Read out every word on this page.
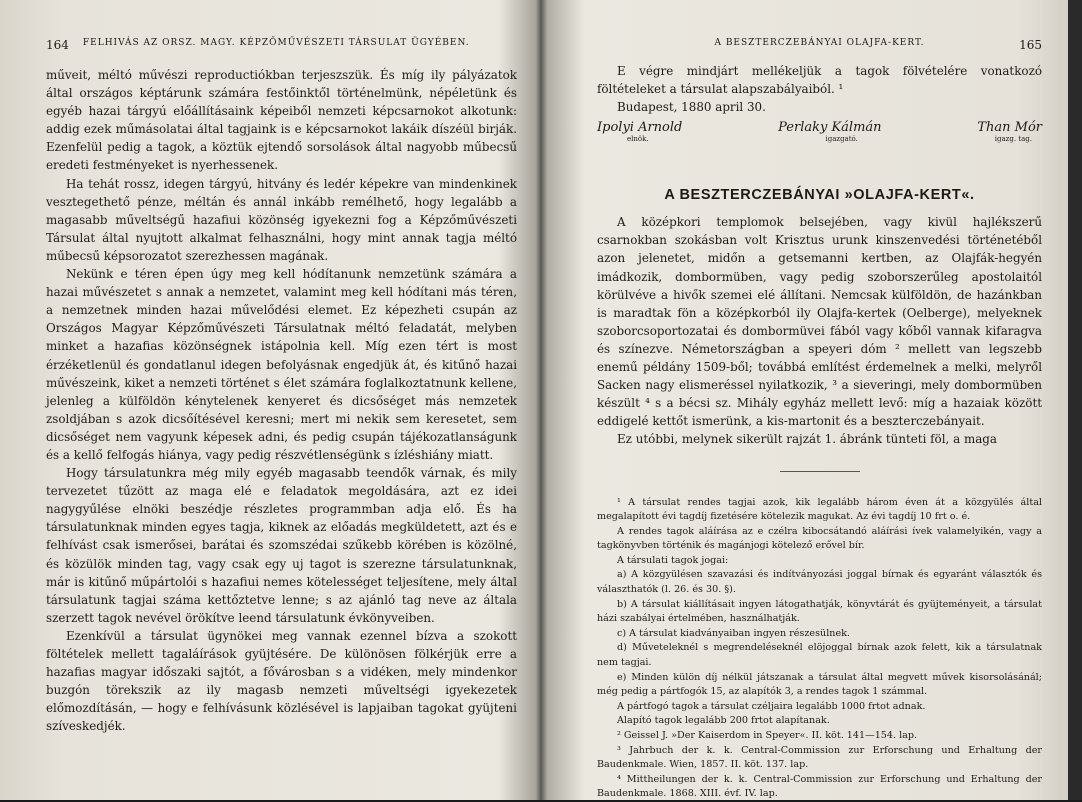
164	FELHIVÁS AZ ORSZ. MAGY. KÉPZŐMŰVÉSZETI TÁRSULAT ÜGYÉBEN.

műveit, méltó művészi reproductiókban terjeszszük. És míg ily pályázatok által országos képtárunk számára festőinktől történelmünk, népéletünk és egyéb hazai tárgyú előállításaink képeiből nemzeti képcsarnokot alkotunk: addig ezek műmásolatai által tagjaink is e képcsarnokot lakáik díszéül birják. Ezenfelül pedig a tagok, a köztük ejtendő sorsolások által nagyobb műbecsű eredeti festményeket is nyerhessenek.

Ha tehát rossz, idegen tárgyú, hitvány és ledér képekre van mindenkinek vesztegethető pénze, méltán és annál inkább remélhető, hogy legalább a magasabb műveltségű hazafiui közönség igyekezni fog a Képzőművészeti Társulat által nyujtott alkalmat felhasználni, hogy mint annak tagja méltó műbecsű képsorozatot szerezhessen magának.

Nekünk e téren épen úgy meg kell hódítanunk nemzetünk számára a hazai művészetet s annak a nemzetet, valamint meg kell hódítani más téren, a nemzetnek minden hazai művelődési elemet. Ez képezheti csupán az Országos Magyar Képzőművészeti Társulatnak méltó feladatát, melyben minket a hazafias közönségnek istápolnia kell. Míg ezen tért is most érzéketlenül és gondatlanul idegen befolyásnak engedjük át, és kitűnő hazai művészeink, kiket a nemzeti történet s élet számára foglalkoztatnunk kellene, jelenleg a külföldön kénytelenek kenyeret és dicsőséget más nemzetek zsoldjában s azok dicsőítésével keresni; mert mi nekik sem keresetet, sem dicsőséget nem vagyunk képesek adni, és pedig csupán tájékozatlanságunk és a kellő felfogás hiánya, vagy pedig részvétlenségünk s ízléshiány miatt.

Hogy társulatunkra még mily egyéb magasabb teendők várnak, és mily tervezetet tűzött az maga elé e feladatok megoldására, azt ez idei nagygyűlése elnöki beszédje részletes programmban adja elő. És ha társulatunknak minden egyes tagja, kiknek az előadás megküldetett, azt és e felhívást csak ismerősei, barátai és szomszédai szűkebb körében is közölné, és közülök minden tag, vagy csak egy uj tagot is szerezne társulatunknak, már is kitűnő műpártolói s hazafiui nemes kötelességet teljesítene, mely által társulatunk tagjai száma kettőztetve lenne; s az ajánló tag neve az általa szerzett tagok nevével örökítve leend társulatunk évkönyveiben.

Ezenkívül a társulat ügynökei meg vannak ezennel bízva a szokott föltételek mellett tagaláírások gyüjtésére. De különösen fölkérjük erre a hazafias magyar időszaki sajtót, a fővárosban s a vidéken, mely mindenkor buzgón törekszik az ily magasb nemzeti műveltségi igyekezetek előmozdításán, — hogy e felhívásunk közlésével is lapjaiban tagokat gyüjteni szíveskedjék.

A BESZTERCZEBÁNYAI OLAJFA-KERT.	165

E végre mindjárt mellékeljük a tagok fölvételére vonatkozó föltételeket a társulat alapszabályaiból. ¹

Budapest, 1880 april 30.

Ipolyi Arnold	Perlaky Kálmán	Than Mór
elnök.	igazgató.	igazg. tag.
A BESZTERCZEBÁNYAI »OLAJFA-KERT«.

A középkori templomok belsejében, vagy kivül hajlékszerű csarnokban szokásban volt Krisztus urunk kinszenvedési történetéből azon jelenetet, midőn a getsemanni kertben, az Olajfák-hegyén imádkozik, dombormüben, vagy pedig szoborszerűleg apostolaitól körülvéve a hivők szemei elé állítani. Nemcsak külföldön, de hazánkban is maradtak fön a középkorból ily Olajfa-kertek (Oelberge), melyeknek szoborcsoportozatai és dombormüvei fából vagy kőből vannak kifaragva és színezve. Németországban a speyeri dóm ² mellett van legszebb enemű példány 1509-ből; továbbá említést érdemelnek a melki, melyről Sacken nagy elismeréssel nyilatkozik, ³ a sieveringi, mely dombormüben készült ⁴ s a bécsi sz. Mihály egyház mellett levő: míg a hazaiak között eddigelé kettőt ismerünk, a kis-martonit és a beszterczebányait.

Ez utóbbi, melynek sikerült rajzát 1. ábránk tünteti föl, a maga

¹ A társulat rendes tagjai azok, kik legalább három éven át a közgyülés által megalapított évi tagdíj fizetésére kötelezik magukat. Az évi tagdíj 10 frt o. é.

A rendes tagok aláírása az e czélra kibocsátandó aláírási ívek valamelyikén, vagy a tagkönyvben történik és magánjogi kötelező erővel bír.

A társulati tagok jogai:

a) A közgyülésen szavazási és indítványozási joggal bírnak és egyaránt választók és választhatók (l. 26. és 30. §).

b) A társulat kiállításait ingyen látogathatják, könyvtárát és gyüjteményeit, a társulat házi szabályai értelmében, használhatják.

c) A társulat kiadványaiban ingyen részesülnek.

d) Műveteleknél s megrendeléseknél elöjoggal bírnak azok felett, kik a társulatnak nem tagjai.

e) Minden külön díj nélkül játszanak a társulat által megvett művek kisorsolásánál; még pedig a pártfogók 15, az alapítók 3, a rendes tagok 1 számmal.

A pártfogó tagok a társulat czéljaira legalább 1000 frtot adnak.

Alapító tagok legalább 200 frtot alapítanak.

² Geissel J. »Der Kaiserdom in Speyer«. II. köt. 141—154. lap.

³ Jahrbuch der k. k. Central-Commission zur Erforschung und Erhaltung der Baudenkmale. Wien, 1857. II. köt. 137. lap.

⁴ Mittheilungen der k. k. Central-Commission zur Erforschung und Erhaltung der Baudenkmale. 1868. XIII. évf. IV. lap.
